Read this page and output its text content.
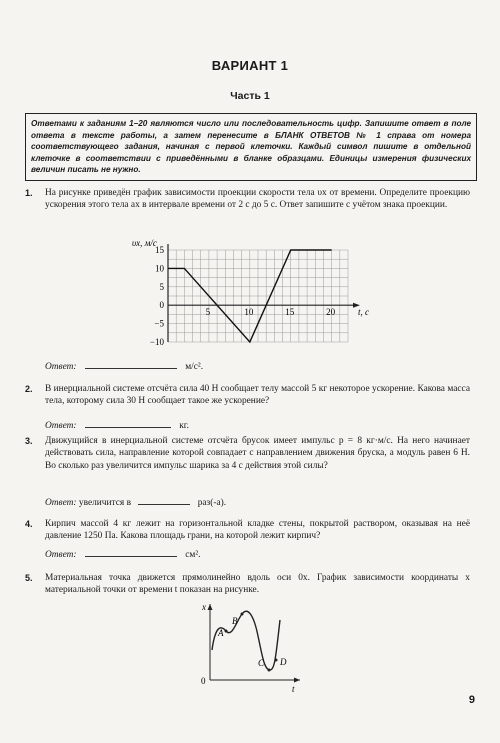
ВАРИАНТ 1
Часть 1
Ответами к заданиям 1–20 являются число или последовательность цифр. Запишите ответ в поле ответа в тексте работы, а затем перенесите в БЛАНК ОТВЕТОВ № 1 справа от номера соответствующего задания, начиная с первой клеточки. Каждый символ пишите в отдельной клеточке в соответствии с приведёнными в бланке образцами. Единицы измерения физических величин писать не нужно.
1.	На рисунке приведён график зависимости проекции скорости тела υx от времени. Определите проекцию ускорения этого тела ax в интервале времени от 2 с до 5 с. Ответ запишите с учётом знака проекции.
15
10
5
0
−5
−10
5	10	15	20
υx, м/с
t, с
Ответ:	м/с².
2.	В инерциальной системе отсчёта сила 40 Н сообщает телу массой 5 кг некоторое ускорение. Какова масса тела, которому сила 30 Н сообщает такое же ускорение?
Ответ:	кг.
3.	Движущийся в инерциальной системе отсчёта брусок имеет импульс p = 8 кг·м/с. На него начинает действовать сила, направление которой совпадает с направлением движения бруска, а модуль равен 6 Н. Во сколько раз увеличится импульс шарика за 4 с действия этой силы?
Ответ: увеличится в	раз(-а).
4.	Кирпич массой 4 кг лежит на горизонтальной кладке стены, покрытой раствором, оказывая на неё давление 1250 Па. Какова площадь грани, на которой лежит кирпич?
Ответ:	см².
5.	Материальная точка движется прямолинейно вдоль оси 0x. График зависимости координаты x материальной точки от времени t показан на рисунке.
x
t
0
A
B
C D
9
